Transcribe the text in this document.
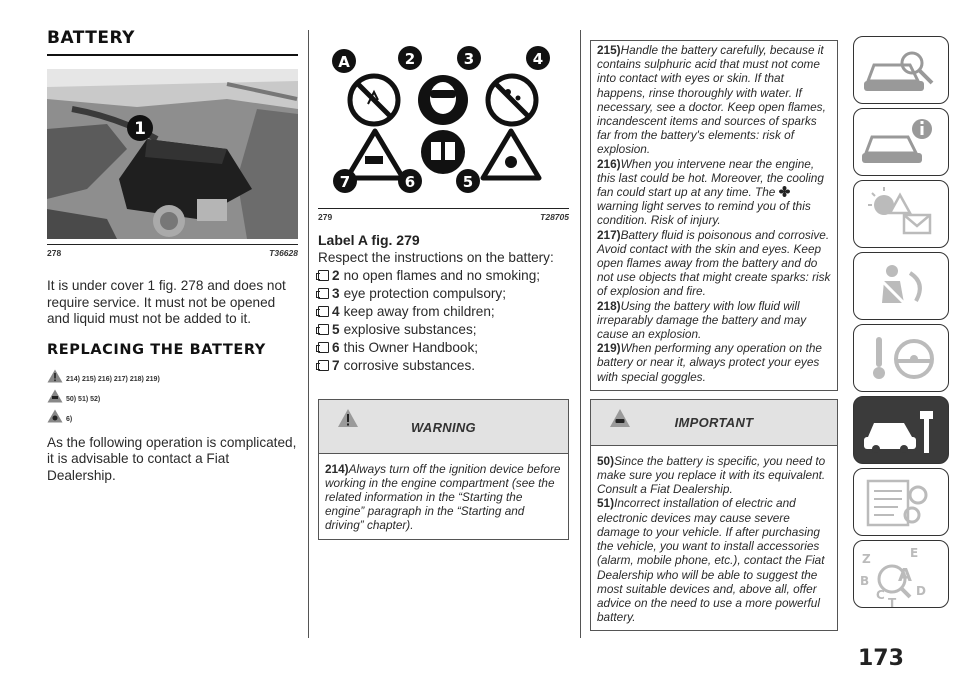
BATTERY
1
278	T36628

It is under cover 1 fig. 278 and does not require service. It must not be opened and liquid must not be added to it.

REPLACING THE BATTERY
214) 215) 216) 217) 218) 219)
50) 51) 52)
6)

As the following operation is complicated, it is advisable to contact a Fiat Dealership.

A	2	3	4
7	6	5
279	T28705
Label A fig. 279

Respect the instructions on the battery:

2 no open flames and no smoking;
3 eye protection compulsory;
4 keep away from children;
5 explosive substances;
6 this Owner Handbook;
7 corrosive substances.
WARNING

214)Always turn off the ignition device before working in the engine compartment (see the related information in the “Starting the engine” paragraph in the “Starting and driving” chapter).

215)Handle the battery carefully, because it contains sulphuric acid that must not come into contact with eyes or skin. If that happens, rinse thoroughly with water. If necessary, see a doctor. Keep open flames, incandescent items and sources of sparks far from the battery's elements: risk of explosion.

216)When you intervene near the engine, this last could be hot. Moreover, the cooling fan could start up at any time. The  warning light serves to remind you of this condition. Risk of injury.

217)Battery fluid is poisonous and corrosive. Avoid contact with the skin and eyes. Keep open flames away from the battery and do not use objects that might create sparks: risk of explosion and fire.

218)Using the battery with low fluid will irreparably damage the battery and may cause an explosion.

219)When performing any operation on the battery or near it, always protect your eyes with special goggles.

IMPORTANT

50)Since the battery is specific, you need to make sure you replace it with its equivalent. Consult a Fiat Dealership.

51)Incorrect installation of electric and electronic devices may cause severe damage to your vehicle. If after purchasing the vehicle, you want to install accessories (alarm, mobile phone, etc.), contact the Fiat Dealership who will be able to suggest the most suitable devices and, above all, offer advice on the need to use a more powerful battery.

Z	E
A
B
C	D
T
173
